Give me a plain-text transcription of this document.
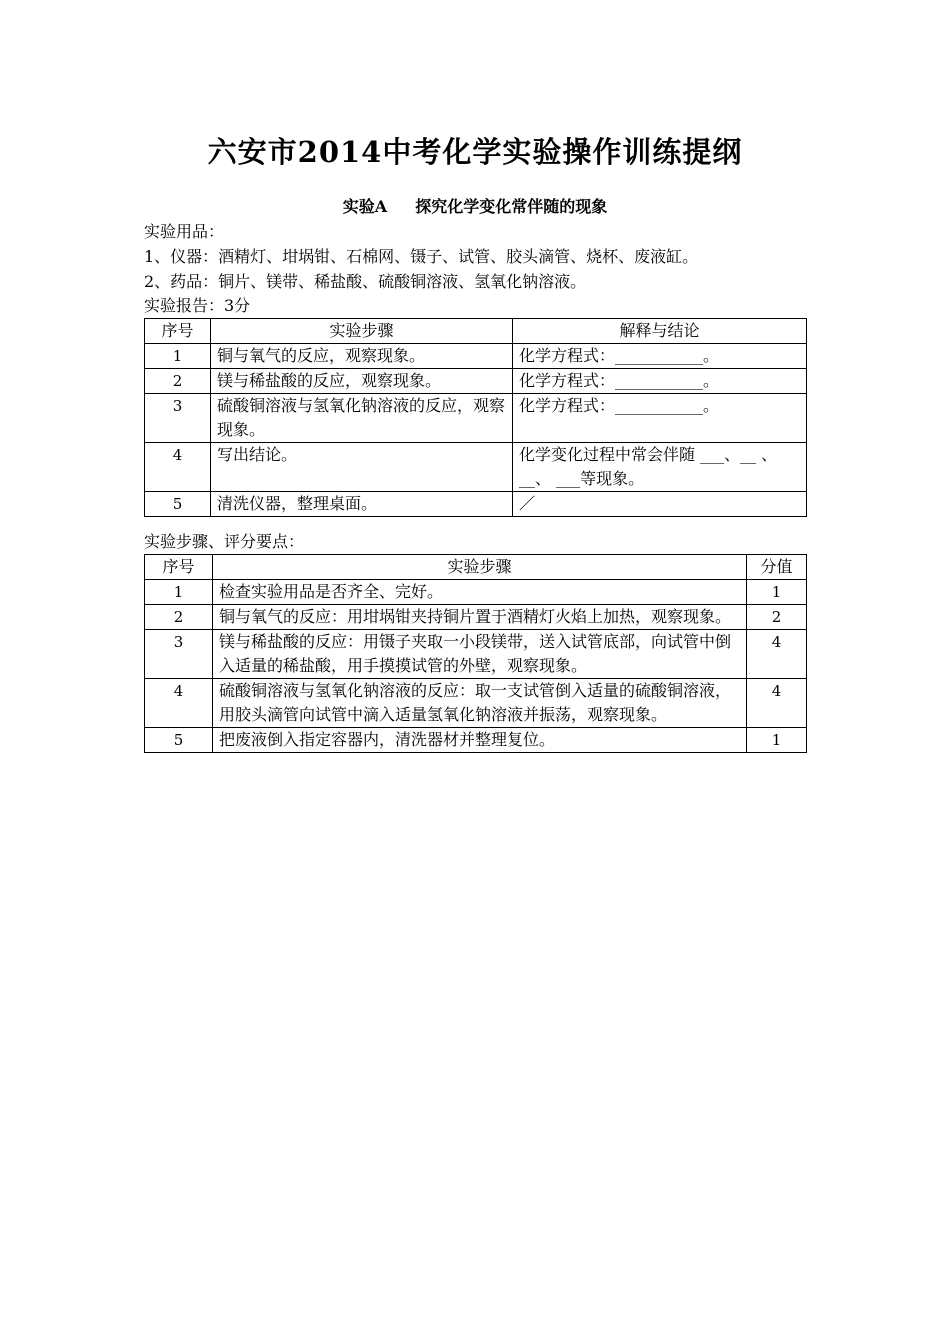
六安市2014中考化学实验操作训练提纲
实验A 探究化学变化常伴随的现象
实验用品：
1、仪器：酒精灯、坩埚钳、石棉网、镊子、试管、胶头滴管、烧杯、废液缸。
2、药品：铜片、镁带、稀盐酸、硫酸铜溶液、氢氧化钠溶液。
实验报告：3分
序号	实验步骤	解释与结论
1	铜与氧气的反应，观察现象。	化学方程式：___________。
2	镁与稀盐酸的反应，观察现象。	化学方程式：___________。
3	硫酸铜溶液与氢氧化钠溶液的反应，观察现象。	化学方程式：___________。
4	写出结论。	化学变化过程中常会伴随 ___、__ 、 __、 ___等现象。
5	清洗仪器，整理桌面。	／
实验步骤、评分要点：
序号	实验步骤	分值
1	检查实验用品是否齐全、完好。	1
2	铜与氧气的反应：用坩埚钳夹持铜片置于酒精灯火焰上加热，观察现象。	2
3	镁与稀盐酸的反应：用镊子夹取一小段镁带，送入试管底部，向试管中倒入适量的稀盐酸，用手摸摸试管的外壁，观察现象。	4
4	硫酸铜溶液与氢氧化钠溶液的反应：取一支试管倒入适量的硫酸铜溶液，用胶头滴管向试管中滴入适量氢氧化钠溶液并振荡，观察现象。	4
5	把废液倒入指定容器内，清洗器材并整理复位。	1
